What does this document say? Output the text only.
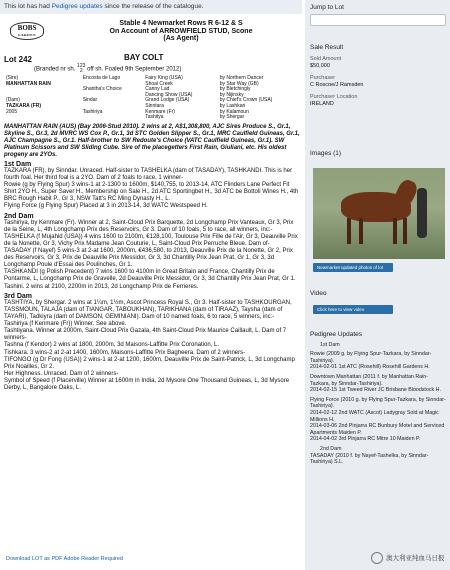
This lot has had Pedigree updates since the release of the catalogue.
BOBS
GARDEN
Stable 4 Newmarket Rows R 6-12 & S
On Account of ARROWFIELD STUD, Scone
(As Agent)
Lot 242	BAY COLT
(Branded nr sh. 123
2 off sh. Foaled 9th September 2012)
(Sire)		Encosta de Lago	Fairy King (USA)	by Northern Dancer
MANHATTAN RAIN			Shoal Creek	by Star Way (GB)
		Shantha's Choice	Canny Lad	by Bletchingly
			Dancing Show (USA)	by Nijinsky
(Dam)		Sindar	Grand Lodge (USA)	by Chief's Crown (USA)
TAZKARA (FR)			Sinntara	by Lashkari
2005		Tashiriya	Kenmare (Fr)	by Kalamoun
			Tashitya	by Shergar
MANHATTAN RAIN (AUS) (Bay 2006-Stud 2010). 2 wins at 2, A$1,308,800, AJC Sires Produce S., Gr.1, Skyline S., Gr.3, 2d MVRC WS Cox P., Gr.1, 3d STC Golden Slipper S., Gr.1, MRC Caulfield Guineas, Gr.1, AJC Champagne S., Gr.1. Half-brother to SW Redoute's Choice (VATC Caulfield Guineas, Gr.1). SW Platinum Scissors and SW Sliding Cube. Sire of the placegetters First Rain, Giuliani, etc. His oldest progeny are 2YOs.
1st Dam
TAZKARA (FR), by Sinndar. Unraced. Half-sister to TASHELKA (dam of TASADAY), TASHKANDI. This is her fourth foal. Her third foal is a 2YO. Dam of 2 foals to race, 1 winner-
Rowie (g by Flying Spur) 3 wins-1 at 2-1300 to 1600m, $140,755, to 2013-14, ATC Flinders Lane Perfect Fit Shirt 2YO H., Super Saver H., Membership on Sale H., 2d ATC Sportingbet H., 3d ATC be Bottoli Wines H., 4th BRC Rough Habit P., Gr 3, NSW Tatt's RC Ming Dynasty H., L.
Flying Force (g Flying Spur) Placed at 3 in 2013-14, 3d WATC Westspeed H.
2nd Dam
Tashiriya, by Kenmare (Fr). Winner at 2, Saint-Cloud Prix Barquette, 2d Longchamp Prix Vanteaux, Gr 3, Prix de la Seine, L, 4th Longchamp Prix des Reservoirs, Gr 3. Dam of 10 foals, 5 to race, all winners, inc:-
TASHELKA (f Mujahid (USA)) 4 wins 1600 to 2100m, €128,100, Toulouse Prix Fille de l'Air, Gr 3, Deauville Prix de la Nonette, Gr 3, Vichy Prix Madame Jean Couturie, L, Saint-Cloud Prix Perruche Bleue. Dam of-
TASADAY (f Nayef) 5 wins-3 at 2-at 1600, 2000m, €436,580, to 2013, Deauville Prix de la Nonette, Gr 2, Prix des Reservoirs, Gr 3, Prix de Deauville Prix Messidor, Gr 3, 3d Chantilly Prix Jean Prat, Gr 1, Gr 3, 3d Longchamp Poule d'Essai des Poulinches, Gr 1.
TASHKANDI (g Polish Precedent) 7 wins 1600 to 4100m in Great Britain and France, Chantilly Prix de Pontarme, L, Longchamp Prix de Gravelle, 2d Deauville Prix Messidor, Gr 3, 3d Chantilly Prix Jean Prat, Gr 1.
Tashini. 2 wins at 2100, 2200m in 2013, 2d Longchamp Prix de Ferrieres.
3rd Dam
TASHTIYA, by Shergar. 2 wins at 1¼m, 1½m, Ascot Princess Royal S., Gr 3. Half-sister to TASHKOURGAN, TASSMOUN, TALAJA (dam of TIANGAR, TABOUKHAN), TARIKHANA (dam of TIRAAZ), Taysha (dam of TAYARI), Tadkiyra (dam of DAMSON, GEMINIANI). Dam of 10 named foals, 6 to race, 5 winners, inc:-
Tashiriya (f Kenmare (Fr)) Winner. See above.
Tashtiyana. Winner at 2000m, Saint-Cloud Prix Gazala, 4th Saint-Cloud Prix Maurice Caillault, L. Dam of 7 winners-
Tashna (f Kendor) 2 wins at 1800, 2000m, 3d Maisons-Laffitte Prix Coronation, L.
Tishkara. 3 wins-2 at 2-at 1400, 1600m, Maisons-Laffitte Prix Bagheera. Dam of 2 winners-
TIFONGO (g Dr Fong (USA)) 2 wins-1 at 2-at 1200, 1600m, Deauville Prix de Saint-Patrick, L, 3d Longchamp Prix Noailles, Gr 2.
Her Highness. Unraced. Dam of 2 winners-
Symbol of Speed (f Placerville) Winner at 1600m in India, 2d Mysore One Thousand Guineas, L, 3d Mysore Derby, L, Bangalore Oaks, L.
Download LOT as PDF Adobe Reader Required
Jump to Lot
Sale Result
Sold Amount
$50,000
Purchaser
C Roscoe/J Ramsden
Purchaser Location
IRELAND
Images (1)
Newmarket updated photos of lot
Video
Click here to view video
Pedigree Updates
1st Dam
Rowie (2009 g. by Flying Spur-Tazkara, by Sinndar-Tashiriya).
2014-02-01 1st ATC (Rosehill) Rosehill Gardens H.
Downtown Manhattan (2011 f. by Manhattan Rain-Tazkara, by Sinndar-Tashiriya).
2014-02-15 1st Tweed River JC Brisbane Bloodstock H.
Flying Force (2010 g. by Flying Spur-Tazkara, by Sinndar-Tashiriya).
2014-02-12 2nd WATC (Ascot) Ladygray Sold at Magic Millions H.
2014-03-06 2nd Pinjarra RC Bunbury Motel and Serviced Apartments Maiden P.
2014-04-02 3rd Pinjarra RC Mitre 10 Maiden P.
2nd Dam
TASADAY (2010 f. by Nayef-Tashelka, by Sinndar-Tashiriya) S.L.
澳大利亚纯血马日报
